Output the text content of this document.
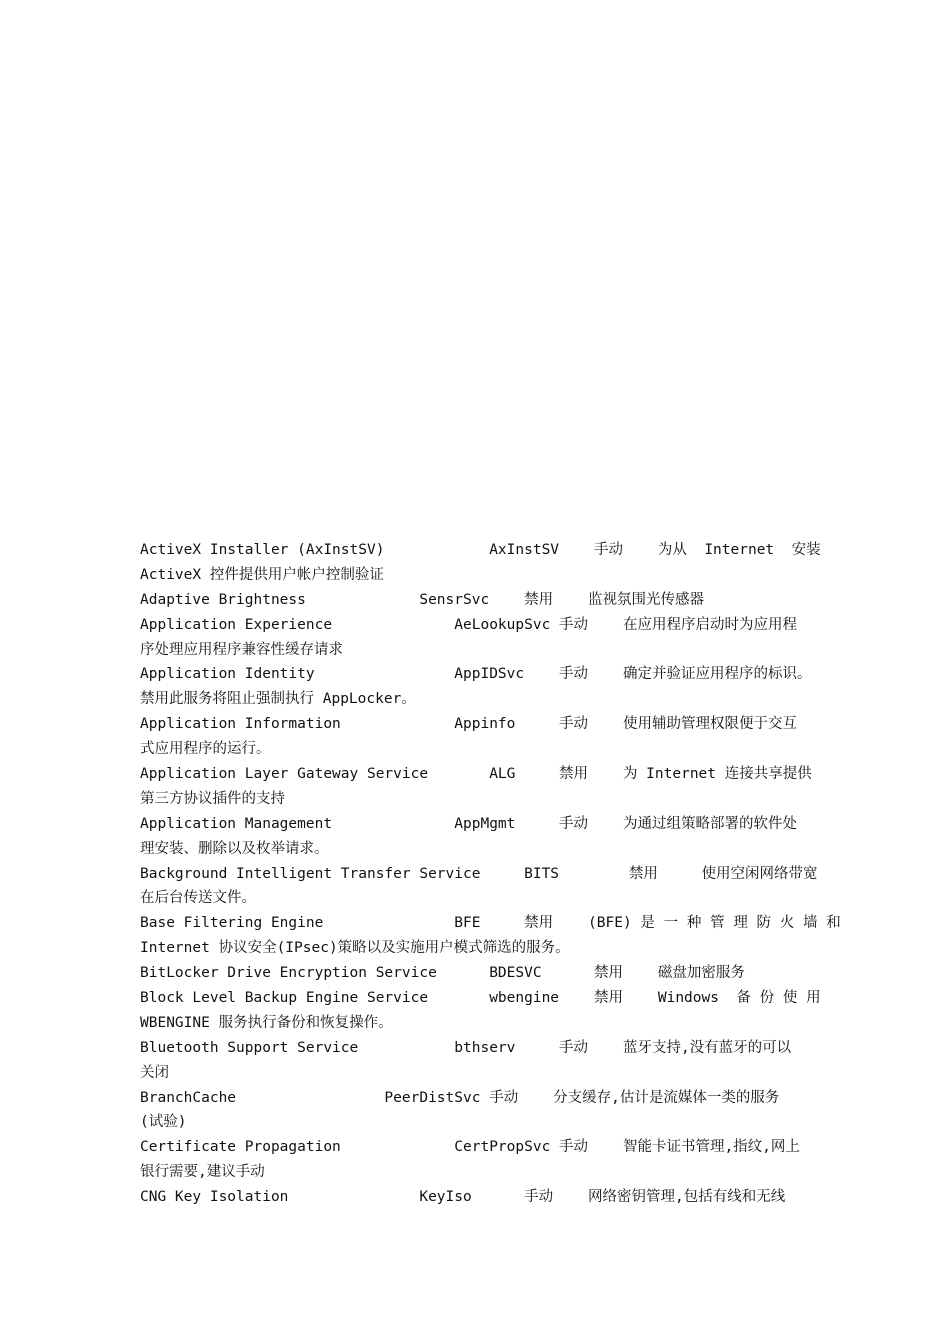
ActiveX Installer (AxInstSV)            AxInstSV    手动    为从  Internet  安装
ActiveX 控件提供用户帐户控制验证
Adaptive Brightness             SensrSvc    禁用    监视氛围光传感器
Application Experience              AeLookupSvc 手动    在应用程序启动时为应用程
序处理应用程序兼容性缓存请求
Application Identity                AppIDSvc    手动    确定并验证应用程序的标识。
禁用此服务将阻止强制执行 AppLocker。
Application Information             Appinfo     手动    使用辅助管理权限便于交互
式应用程序的运行。
Application Layer Gateway Service       ALG     禁用    为 Internet 连接共享提供
第三方协议插件的支持
Application Management              AppMgmt     手动    为通过组策略部署的软件处
理安装、删除以及枚举请求。
Background Intelligent Transfer Service     BITS        禁用     使用空闲网络带宽
在后台传送文件。
Base Filtering Engine               BFE     禁用    (BFE) 是 一 种 管 理 防 火 墙 和
Internet 协议安全(IPsec)策略以及实施用户模式筛选的服务。
BitLocker Drive Encryption Service      BDESVC      禁用    磁盘加密服务
Block Level Backup Engine Service       wbengine    禁用    Windows  备 份 使 用
WBENGINE 服务执行备份和恢复操作。
Bluetooth Support Service           bthserv     手动    蓝牙支持,没有蓝牙的可以
关闭
BranchCache                 PeerDistSvc 手动    分支缓存,估计是流媒体一类的服务
(试验)
Certificate Propagation             CertPropSvc 手动    智能卡证书管理,指纹,网上
银行需要,建议手动
CNG Key Isolation               KeyIso      手动    网络密钥管理,包括有线和无线
